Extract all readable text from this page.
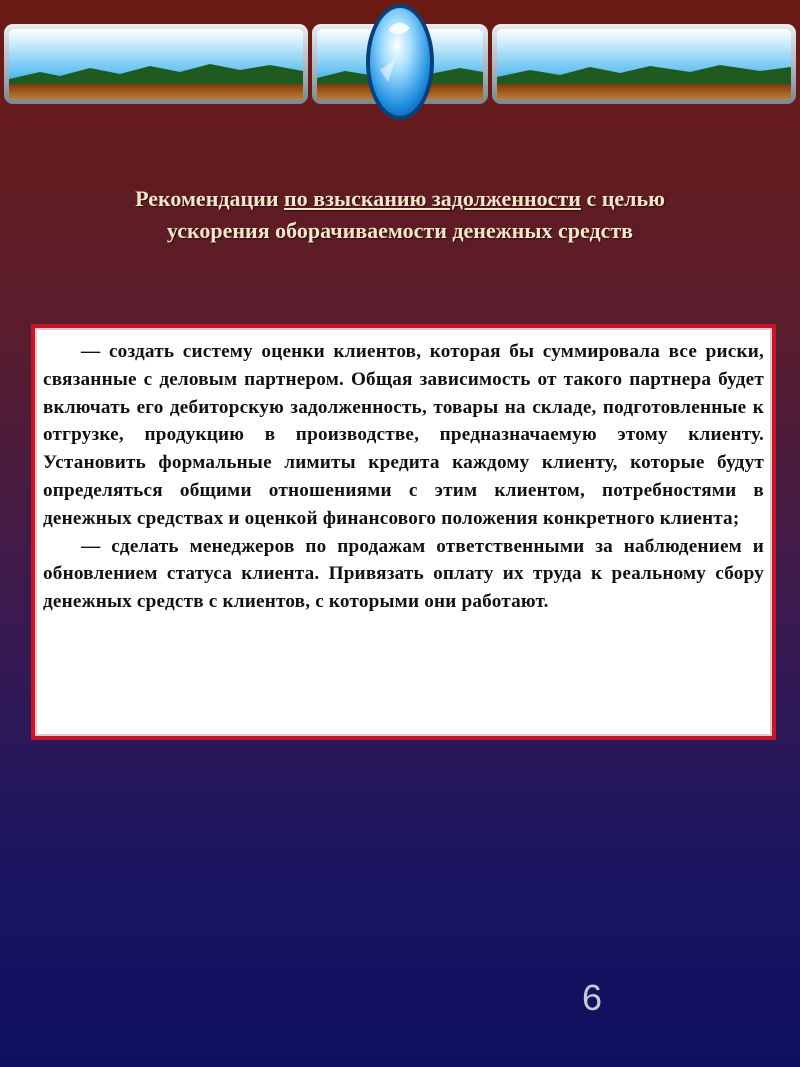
Рекомендации по взысканию задолженности с целью
ускорения оборачиваемости денежных средств

— создать систему оценки клиентов, которая бы суммировала все риски, связанные с деловым партнером. Общая зависимость от такого партнера будет включать его дебиторскую задолженность, товары на складе, подготовленные к отгрузке, продукцию в производстве, предназначаемую этому клиенту. Установить формальные лимиты кредита каждому клиенту, которые будут определяться общими отношениями с этим клиентом, потребностями в денежных средствах и оценкой финансового положения конкретного клиента;

— сделать менеджеров по продажам ответственными за наблюдением и обновлением статуса клиента. Привязать оплату их труда к реальному сбору денежных средств с клиентов, с которыми они работают.

6
